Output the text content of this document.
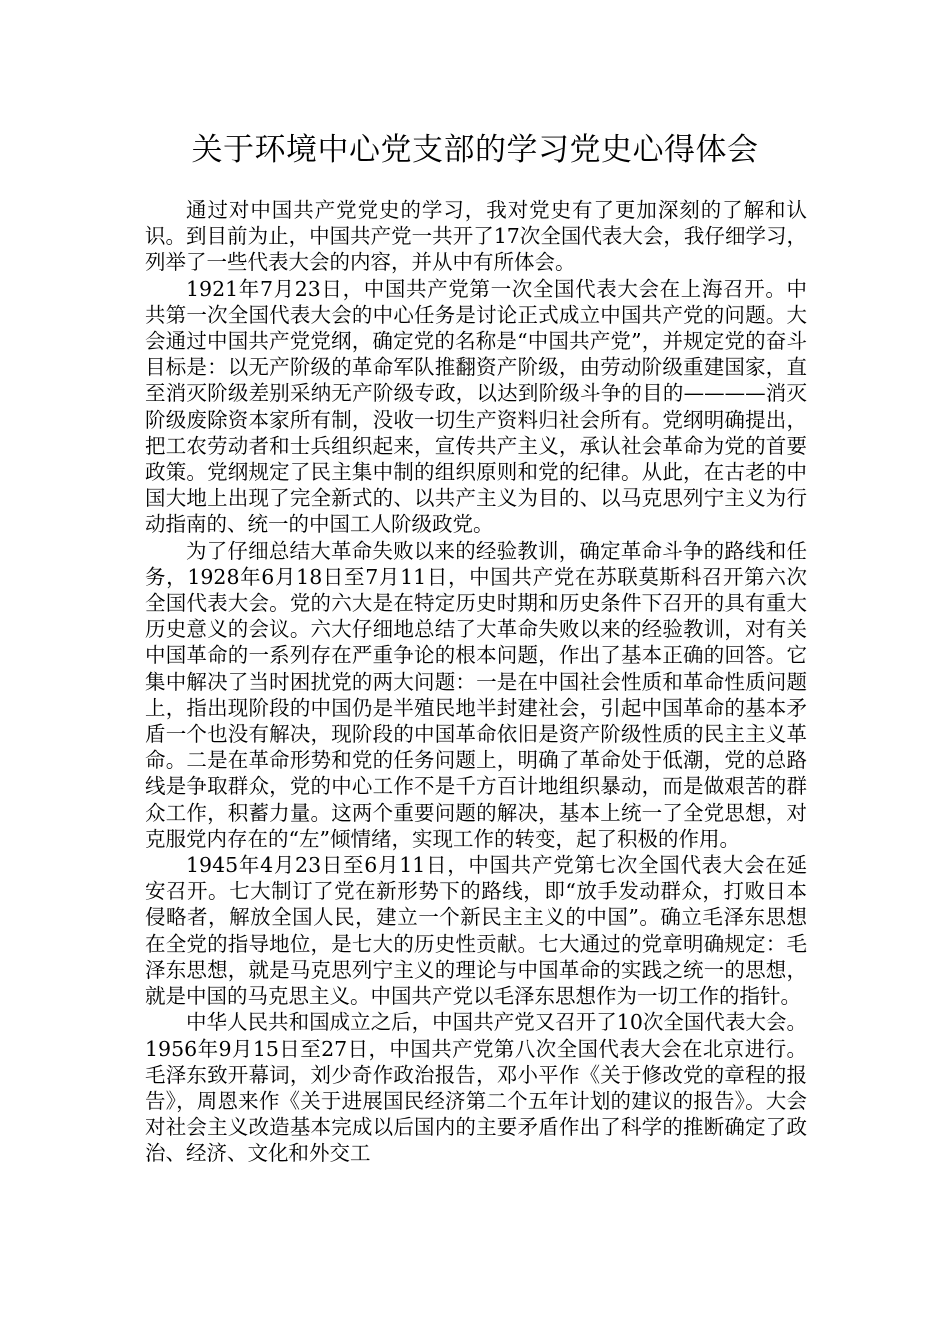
关于环境中心党支部的学习党史心得体会

通过对中国共产党党史的学习，我对党史有了更加深刻的了解和认识。到目前为止，中国共产党一共开了17次全国代表大会，我仔细学习，列举了一些代表大会的内容，并从中有所体会。

1921年7月23日，中国共产党第一次全国代表大会在上海召开。中共第一次全国代表大会的中心任务是讨论正式成立中国共产党的问题。大会通过中国共产党党纲，确定党的名称是“中国共产党”，并规定党的奋斗目标是：以无产阶级的革命军队推翻资产阶级，由劳动阶级重建国家，直至消灭阶级差别采纳无产阶级专政，以达到阶级斗争的目的————消灭阶级废除资本家所有制，没收一切生产资料归社会所有。党纲明确提出，把工农劳动者和士兵组织起来，宣传共产主义，承认社会革命为党的首要政策。党纲规定了民主集中制的组织原则和党的纪律。从此，在古老的中国大地上出现了完全新式的、以共产主义为目的、以马克思列宁主义为行动指南的、统一的中国工人阶级政党。

为了仔细总结大革命失败以来的经验教训，确定革命斗争的路线和任务，1928年6月18日至7月11日，中国共产党在苏联莫斯科召开第六次全国代表大会。党的六大是在特定历史时期和历史条件下召开的具有重大历史意义的会议。六大仔细地总结了大革命失败以来的经验教训，对有关中国革命的一系列存在严重争论的根本问题，作出了基本正确的回答。它集中解决了当时困扰党的两大问题：一是在中国社会性质和革命性质问题上，指出现阶段的中国仍是半殖民地半封建社会，引起中国革命的基本矛盾一个也没有解决，现阶段的中国革命依旧是资产阶级性质的民主主义革命。二是在革命形势和党的任务问题上，明确了革命处于低潮，党的总路线是争取群众，党的中心工作不是千方百计地组织暴动，而是做艰苦的群众工作，积蓄力量。这两个重要问题的解决，基本上统一了全党思想，对克服党内存在的“左”倾情绪，实现工作的转变，起了积极的作用。

1945年4月23日至6月11日，中国共产党第七次全国代表大会在延安召开。七大制订了党在新形势下的路线，即“放手发动群众，打败日本侵略者，解放全国人民，建立一个新民主主义的中国”。确立毛泽东思想在全党的指导地位，是七大的历史性贡献。七大通过的党章明确规定：毛泽东思想，就是马克思列宁主义的理论与中国革命的实践之统一的思想，就是中国的马克思主义。中国共产党以毛泽东思想作为一切工作的指针。

中华人民共和国成立之后，中国共产党又召开了10次全国代表大会。1956年9月15日至27日，中国共产党第八次全国代表大会在北京进行。毛泽东致开幕词，刘少奇作政治报告，邓小平作《关于修改党的章程的报告》，周恩来作《关于进展国民经济第二个五年计划的建议的报告》。大会对社会主义改造基本完成以后国内的主要矛盾作出了科学的推断确定了政治、经济、文化和外交工
